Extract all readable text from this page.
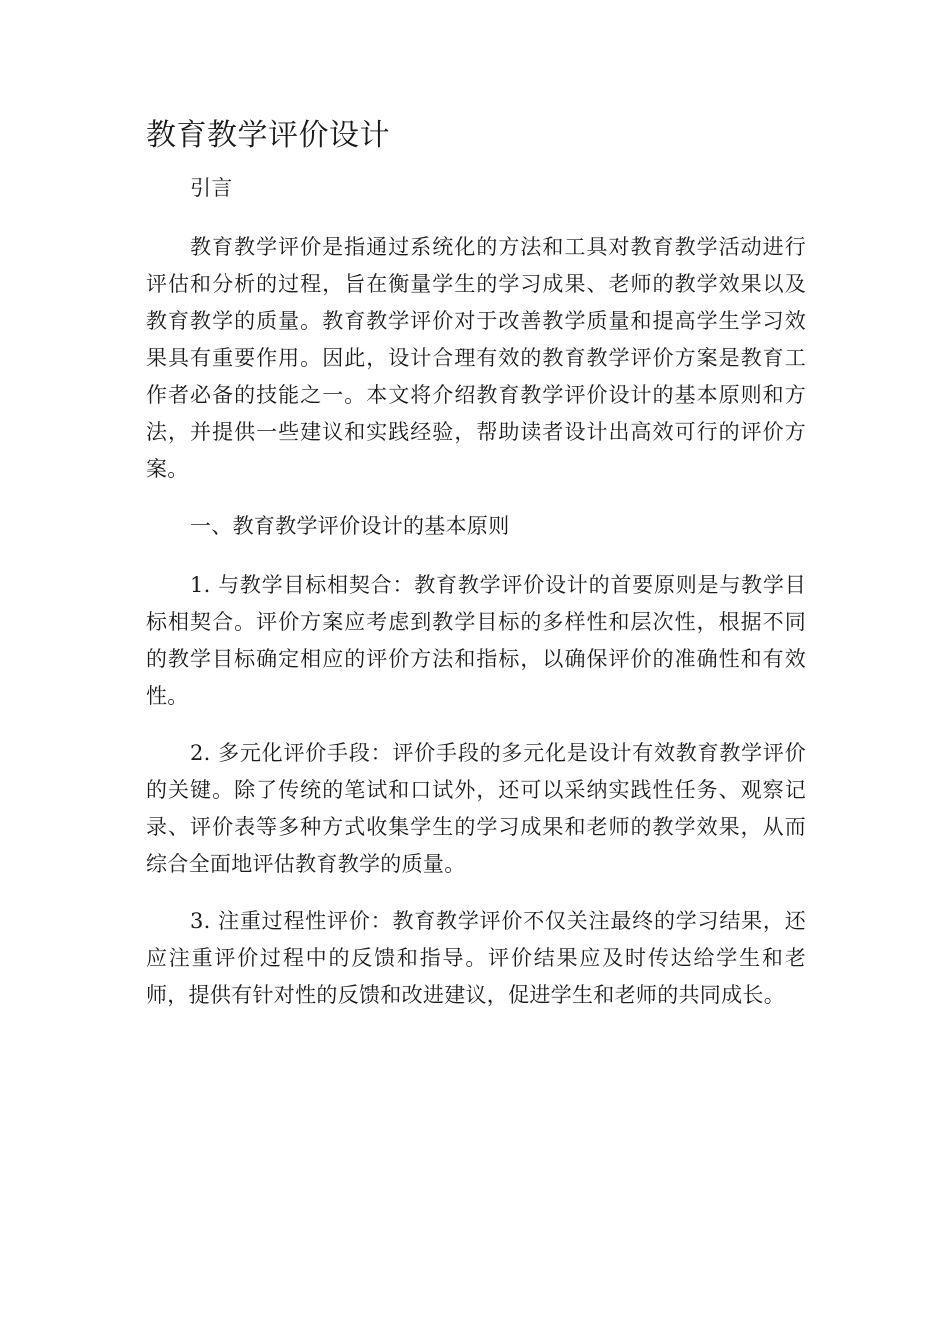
教育教学评价设计

引言

教育教学评价是指通过系统化的方法和工具对教育教学活动进行评估和分析的过程，旨在衡量学生的学习成果、老师的教学效果以及教育教学的质量。教育教学评价对于改善教学质量和提高学生学习效果具有重要作用。因此，设计合理有效的教育教学评价方案是教育工作者必备的技能之一。本文将介绍教育教学评价设计的基本原则和方法，并提供一些建议和实践经验，帮助读者设计出高效可行的评价方案。

一、教育教学评价设计的基本原则

1. 与教学目标相契合：教育教学评价设计的首要原则是与教学目标相契合。评价方案应考虑到教学目标的多样性和层次性，根据不同的教学目标确定相应的评价方法和指标，以确保评价的准确性和有效性。

2. 多元化评价手段：评价手段的多元化是设计有效教育教学评价的关键。除了传统的笔试和口试外，还可以采纳实践性任务、观察记录、评价表等多种方式收集学生的学习成果和老师的教学效果，从而综合全面地评估教育教学的质量。

3. 注重过程性评价：教育教学评价不仅关注最终的学习结果，还应注重评价过程中的反馈和指导。评价结果应及时传达给学生和老师，提供有针对性的反馈和改进建议，促进学生和老师的共同成长。
